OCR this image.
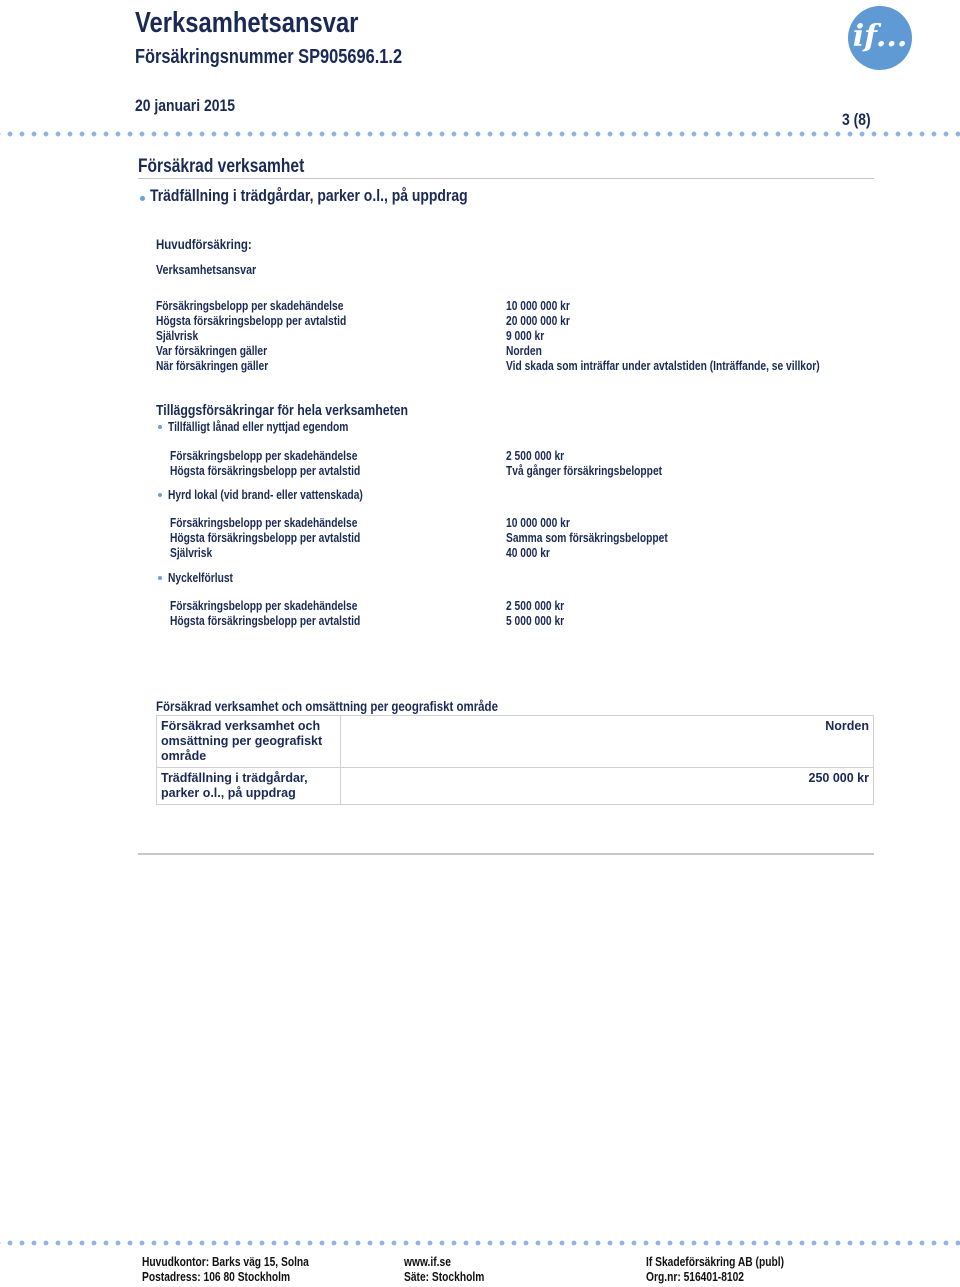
Verksamhetsansvar
Försäkringsnummer SP905696.1.2
if...
20 januari 2015
3 (8)
Försäkrad verksamhet
Trädfällning i trädgårdar, parker o.l., på uppdrag
Huvudförsäkring:
Verksamhetsansvar
Försäkringsbelopp per skadehändelse	10 000 000 kr
Högsta försäkringsbelopp per avtalstid	20 000 000 kr
Självrisk	9 000 kr
Var försäkringen gäller	Norden
När försäkringen gäller	Vid skada som inträffar under avtalstiden (Inträffande, se villkor)
Tilläggsförsäkringar för hela verksamheten
Tillfälligt lånad eller nyttjad egendom
Försäkringsbelopp per skadehändelse	2 500 000 kr
Högsta försäkringsbelopp per avtalstid	Två gånger försäkringsbeloppet
Hyrd lokal (vid brand- eller vattenskada)
Försäkringsbelopp per skadehändelse	10 000 000 kr
Högsta försäkringsbelopp per avtalstid	Samma som försäkringsbeloppet
Självrisk	40 000 kr
Nyckelförlust
Försäkringsbelopp per skadehändelse	2 500 000 kr
Högsta försäkringsbelopp per avtalstid	5 000 000 kr
Försäkrad verksamhet och omsättning per geografiskt område
Försäkrad verksamhet och omsättning per geografiskt område	Norden
Trädfällning i trädgårdar, parker o.l., på uppdrag	250 000 kr
Huvudkontor: Barks väg 15, Solna
Postadress: 106 80 Stockholm
www.if.se
Säte: Stockholm
If Skadeförsäkring AB (publ)
Org.nr: 516401-8102
